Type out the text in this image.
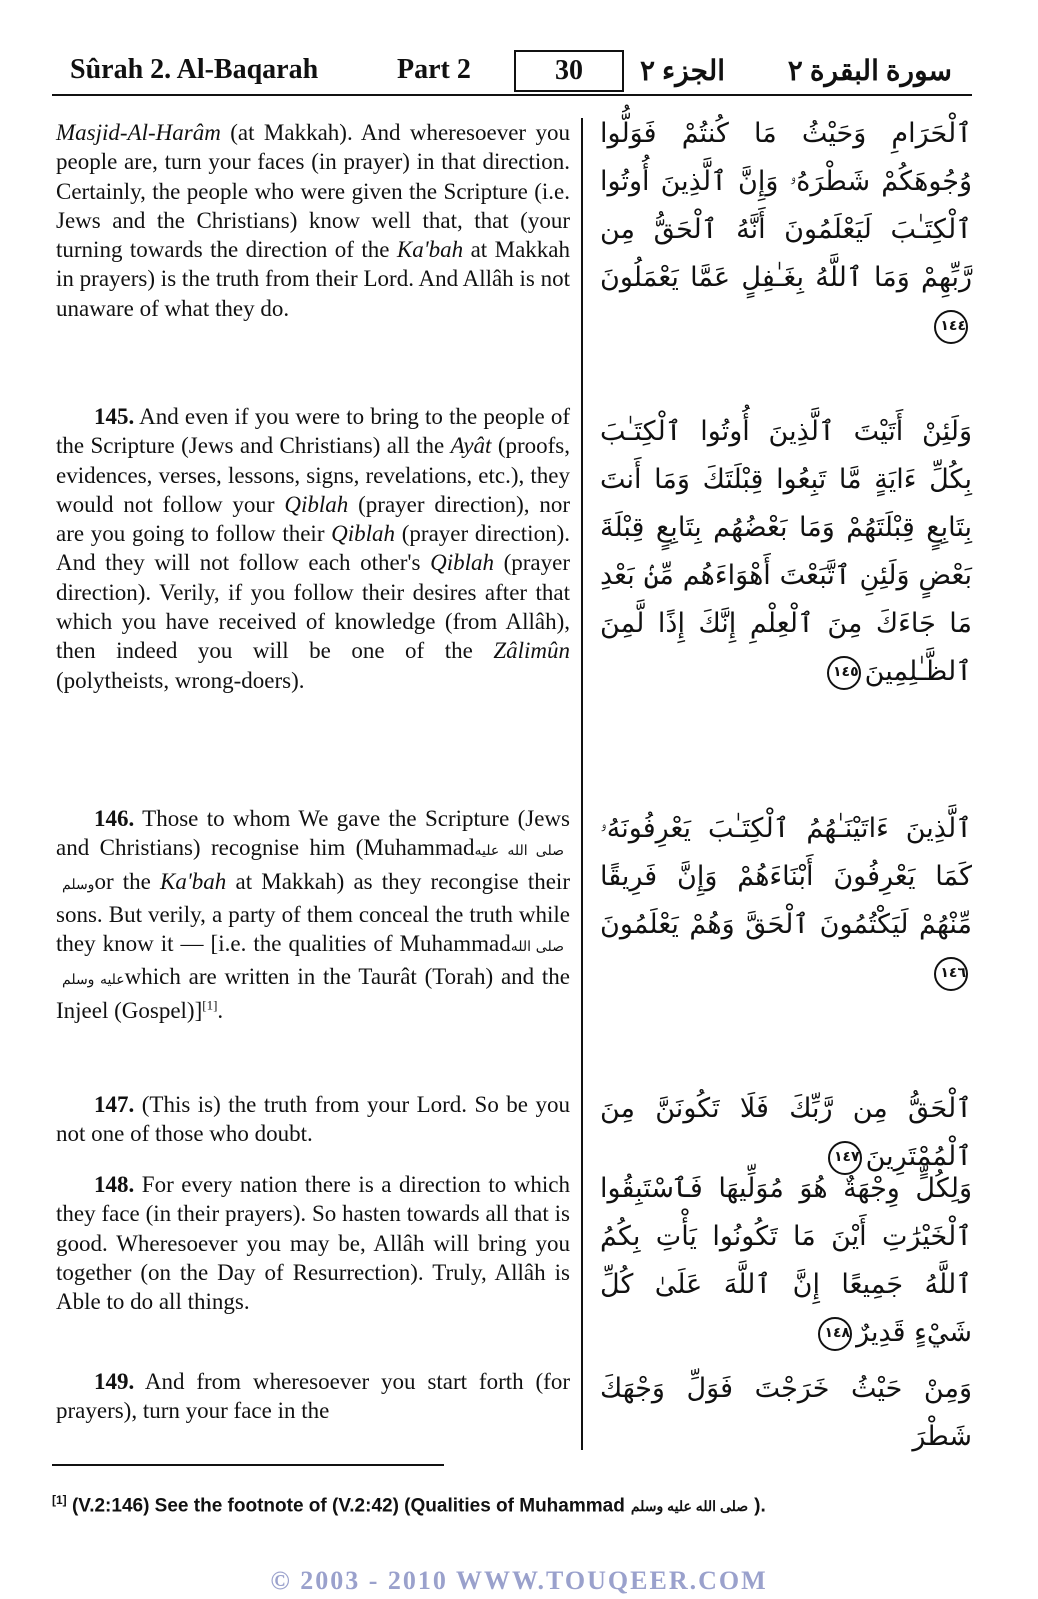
Sûrah 2. Al-Baqarah	Part 2	30	الجزء ٢ سورة البقرة ٢

Masjid-Al-Harâm (at Makkah). And wheresoever you people are, turn your faces (in prayer) in that direction. Certainly, the people who were given the Scripture (i.e. Jews and the Christians) know well that, that (your turning towards the direction of the Ka'bah at Makkah in prayers) is the truth from their Lord. And Allâh is not unaware of what they do.

145. And even if you were to bring to the people of the Scripture (Jews and Christians) all the Ayât (proofs, evidences, verses, lessons, signs, revelations, etc.), they would not follow your Qiblah (prayer direction), nor are you going to follow their Qiblah (prayer direction). And they will not follow each other's Qiblah (prayer direction). Verily, if you follow their desires after that which you have received of knowledge (from Allâh), then indeed you will be one of the Zâlimûn (polytheists, wrong-doers).

146. Those to whom We gave the Scripture (Jews and Christians) recognise him (Muhammadصلى الله عليه وسلمor the Ka'bah at Makkah) as they recongise their sons. But verily, a party of them conceal the truth while they know it — [i.e. the qualities of Muhammadصلى الله عليه وسلمwhich are written in the Taurât (Torah) and the Injeel (Gospel)][1].

147. (This is) the truth from your Lord. So be you not one of those who doubt.

148. For every nation there is a direction to which they face (in their prayers). So hasten towards all that is good. Wheresoever you may be, Allâh will bring you together (on the Day of Resurrection). Truly, Allâh is Able to do all things.

149. And from wheresoever you start forth (for prayers), turn your face in the

ٱلْحَرَامِ وَحَيْثُ مَا كُنتُمْ فَوَلُّوا وُجُوهَكُمْ شَطْرَهُۥ وَإِنَّ ٱلَّذِينَ أُوتُوا ٱلْكِتَـٰبَ لَيَعْلَمُونَ أَنَّهُ ٱلْحَقُّ مِن رَّبِّهِمْ وَمَا ٱللَّهُ بِغَـٰفِلٍ عَمَّا يَعْمَلُونَ١٤٤
وَلَئِنْ أَتَيْتَ ٱلَّذِينَ أُوتُوا ٱلْكِتَـٰبَ بِكُلِّ ءَايَةٍ مَّا تَبِعُوا قِبْلَتَكَ وَمَا أَنتَ بِتَابِعٍ قِبْلَتَهُمْ وَمَا بَعْضُهُم بِتَابِعٍ قِبْلَةَ بَعْضٍ وَلَئِنِ ٱتَّبَعْتَ أَهْوَاءَهُم مِّنۢ بَعْدِ مَا جَاءَكَ مِنَ ٱلْعِلْمِ إِنَّكَ إِذًا لَّمِنَ ٱلظَّـٰلِمِينَ١٤٥
ٱلَّذِينَ ءَاتَيْنَـٰهُمُ ٱلْكِتَـٰبَ يَعْرِفُونَهُۥ كَمَا يَعْرِفُونَ أَبْنَاءَهُمْ وَإِنَّ فَرِيقًا مِّنْهُمْ لَيَكْتُمُونَ ٱلْحَقَّ وَهُمْ يَعْلَمُونَ١٤٦
ٱلْحَقُّ مِن رَّبِّكَ فَلَا تَكُونَنَّ مِنَ ٱلْمُمْتَرِينَ١٤٧
وَلِكُلٍّ وِجْهَةٌ هُوَ مُوَلِّيهَا فَٱسْتَبِقُوا ٱلْخَيْرَٰتِ أَيْنَ مَا تَكُونُوا يَأْتِ بِكُمُ ٱللَّهُ جَمِيعًا إِنَّ ٱللَّهَ عَلَىٰ كُلِّ شَيْءٍ قَدِيرٌ١٤٨
وَمِنْ حَيْثُ خَرَجْتَ فَوَلِّ وَجْهَكَ شَطْرَ
[1] (V.2:146) See the footnote of (V.2:42) (Qualities of Muhammad صلى الله عليه وسلم ).
© 2003 - 2010 WWW.TOUQEER.COM
